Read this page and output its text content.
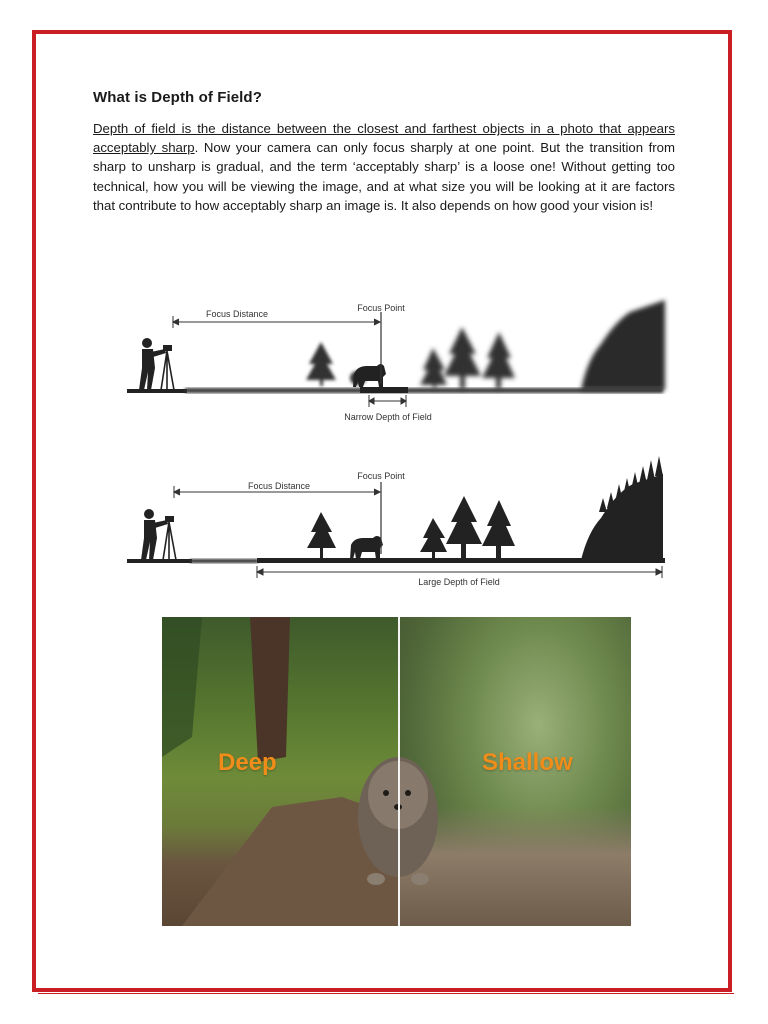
What is Depth of Field?

Depth of field is the distance between the closest and farthest objects in a photo that appears acceptably sharp. Now your camera can only focus sharply at one point. But the transition from sharp to unsharp is gradual, and the term ‘acceptably sharp’ is a loose one! Without getting too technical, how you will be viewing the image, and at what size you will be looking at it are factors that contribute to how acceptably sharp an image is. It also depends on how good your vision is!

Focus Distance
Focus Point
Narrow Depth of Field
Focus Distance
Focus Point
Large Depth of Field
Deep	Shallow
